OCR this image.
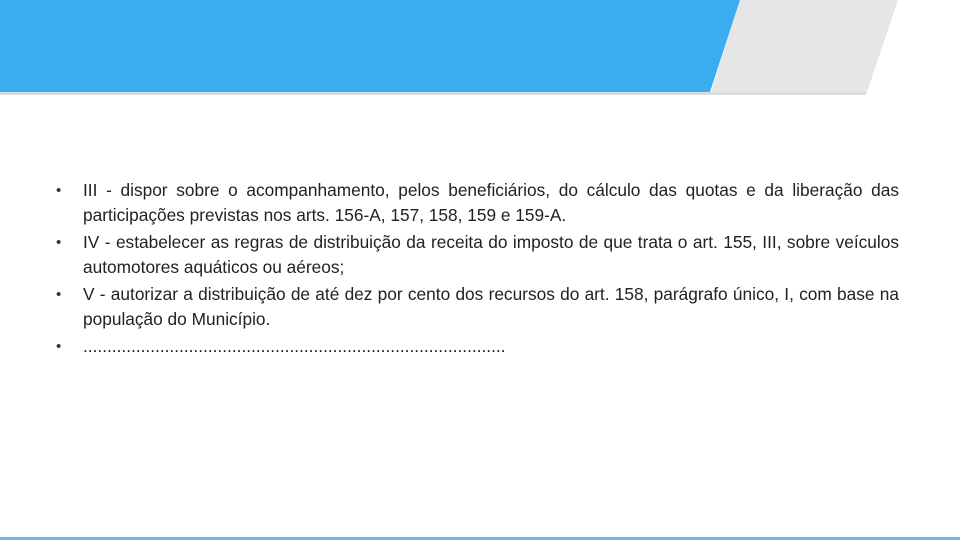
•	III - dispor sobre o acompanhamento, pelos beneficiários, do cálculo das quotas e da liberação das participações previstas nos arts. 156-A, 157, 158, 159 e 159-A.
•	IV - estabelecer as regras de distribuição da receita do imposto de que trata o art. 155, III, sobre veículos automotores aquáticos ou aéreos;
•	V - autorizar a distribuição de até dez por cento dos recursos do art. 158, parágrafo único, I, com base na população do Município.
•	........................................................................................
